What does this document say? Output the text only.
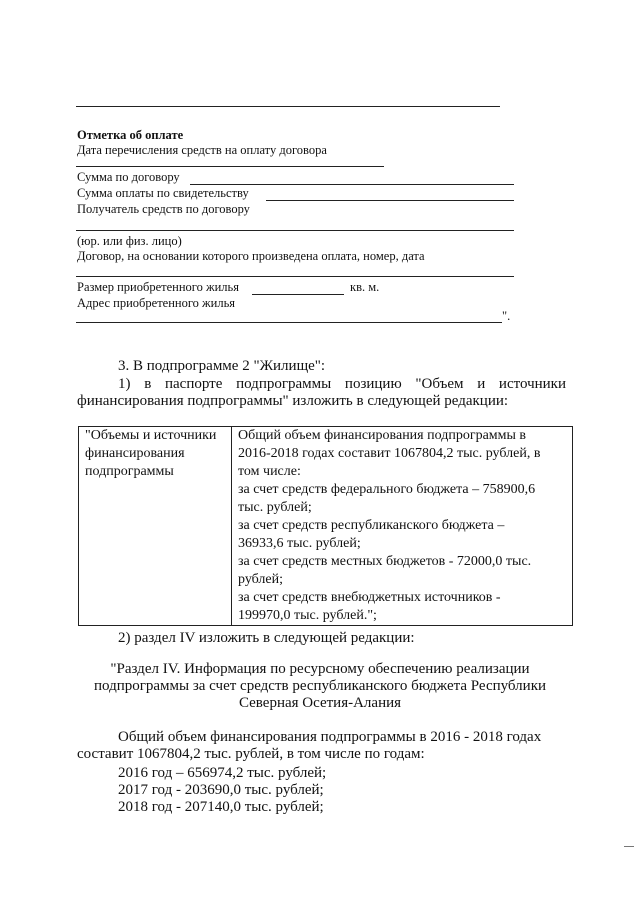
Отметка об оплате
Дата перечисления средств на оплату договора
Сумма по договору
Сумма оплаты по свидетельству
Получатель средств по договору
(юр. или физ. лицо)
Договор, на основании которого произведена оплата, номер, дата
Размер приобретенного жилья	кв. м.
Адрес приобретенного жилья
".
3. В подпрограмме 2 "Жилище":
1) в паспорте подпрограммы позицию "Объем и источники
финансирования подпрограммы" изложить в следующей редакции:
"Объемы и источники
финансирования
подпрограммы

Общий объем финансирования подпрограммы в
2016-2018 годах составит 1067804,2 тыс. рублей, в
том числе:
за счет средств федерального бюджета – 758900,6
тыс. рублей;
за счет средств республиканского бюджета –
36933,6 тыс. рублей;
за счет средств местных бюджетов - 72000,0 тыс.
рублей;
за счет средств внебюджетных источников -
199970,0 тыс. рублей.";
2) раздел IV изложить в следующей редакции:
"Раздел IV. Информация по ресурсному обеспечению реализации
подпрограммы за счет средств республиканского бюджета Республики
Северная Осетия-Алания
Общий объем финансирования подпрограммы в 2016 - 2018 годах
составит 1067804,2 тыс. рублей, в том числе по годам:
2016 год – 656974,2 тыс. рублей;
2017 год - 203690,0 тыс. рублей;
2018 год - 207140,0 тыс. рублей;
